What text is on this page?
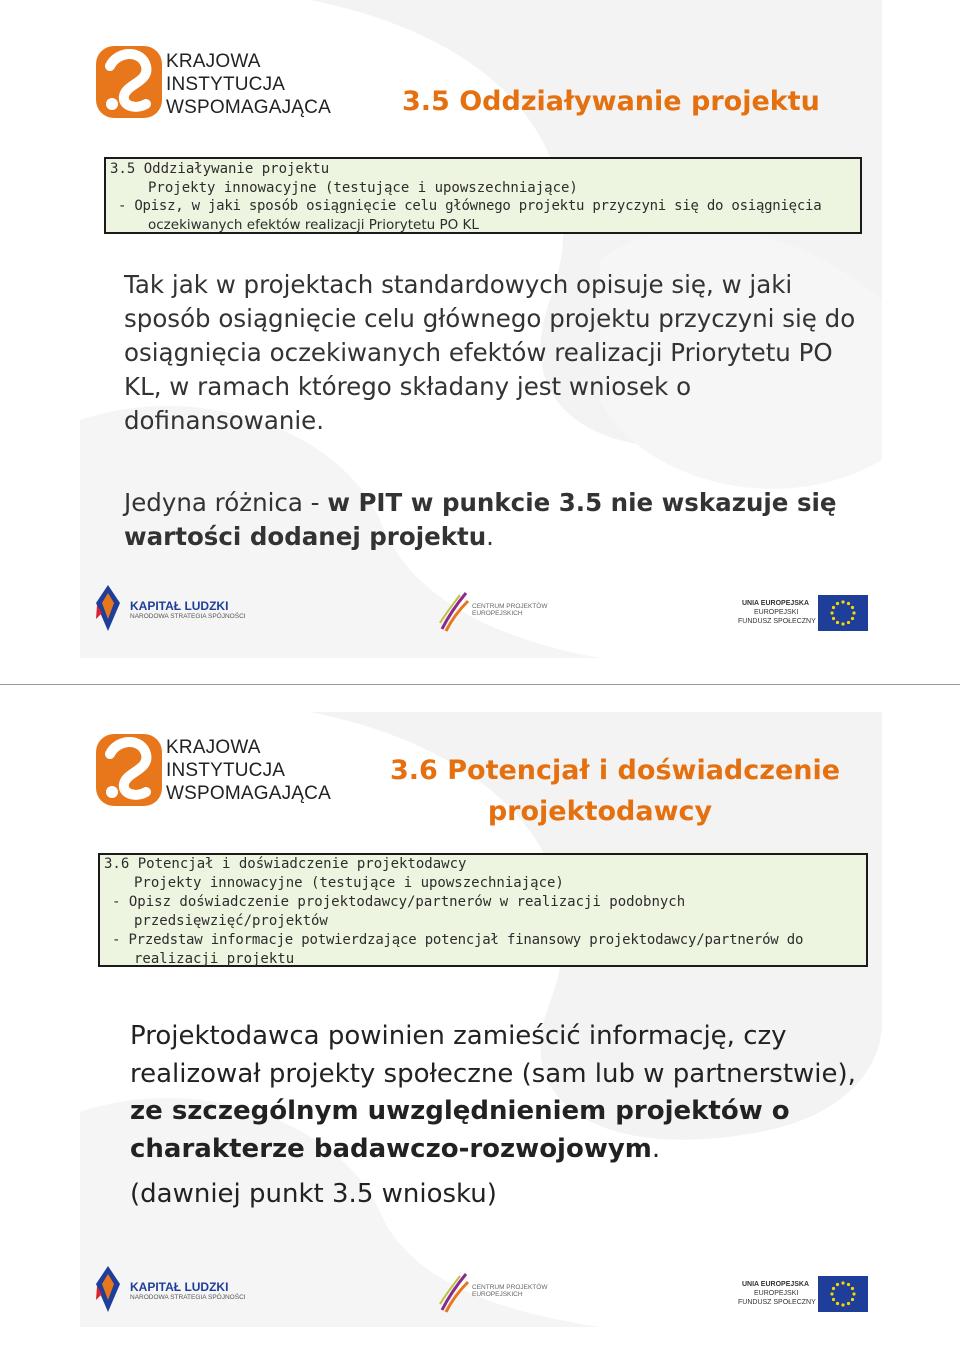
KRAJOWA
INSTYTUCJA
WSPOMAGAJĄCA	3.5 Oddziaływanie projektu
3.5 Oddziaływanie projektu
Projekty innowacyjne (testujące i upowszechniające)
- Opisz, w jaki sposób osiągnięcie celu głównego projektu przyczyni się do osiągnięcia
oczekiwanych efektów realizacji Priorytetu PO KL
Tak jak w projektach standardowych opisuje się, w jaki sposób osiągnięcie celu głównego projektu przyczyni się do osiągnięcia oczekiwanych efektów realizacji Priorytetu PO KL, w ramach którego składany jest wniosek o dofinansowanie.
Jedyna różnica - w PIT w punkcie 3.5 nie wskazuje się wartości dodanej projektu.
KAPITAŁ LUDZKI
NARODOWA STRATEGIA SPÓJNOŚCI
CENTRUM PROJEKTÓW
EUROPEJSKICH
UNIA EUROPEJSKA
EUROPEJSKI
FUNDUSZ SPOŁECZNY
KRAJOWA
INSTYTUCJA
WSPOMAGAJĄCA
3.6 Potencjał i doświadczenie
projektodawcy
3.6 Potencjał i doświadczenie projektodawcy
Projekty innowacyjne (testujące i upowszechniające)
- Opisz doświadczenie projektodawcy/partnerów w realizacji podobnych
przedsięwzięć/projektów
- Przedstaw informacje potwierdzające potencjał finansowy projektodawcy/partnerów do
realizacji projektu
Projektodawca powinien zamieścić informację, czy realizował projekty społeczne (sam lub w partnerstwie), ze szczególnym uwzględnieniem projektów o charakterze badawczo-rozwojowym.
(dawniej punkt 3.5 wniosku)
KAPITAŁ LUDZKI
NARODOWA STRATEGIA SPÓJNOŚCI
CENTRUM PROJEKTÓW
EUROPEJSKICH
UNIA EUROPEJSKA
EUROPEJSKI
FUNDUSZ SPOŁECZNY
